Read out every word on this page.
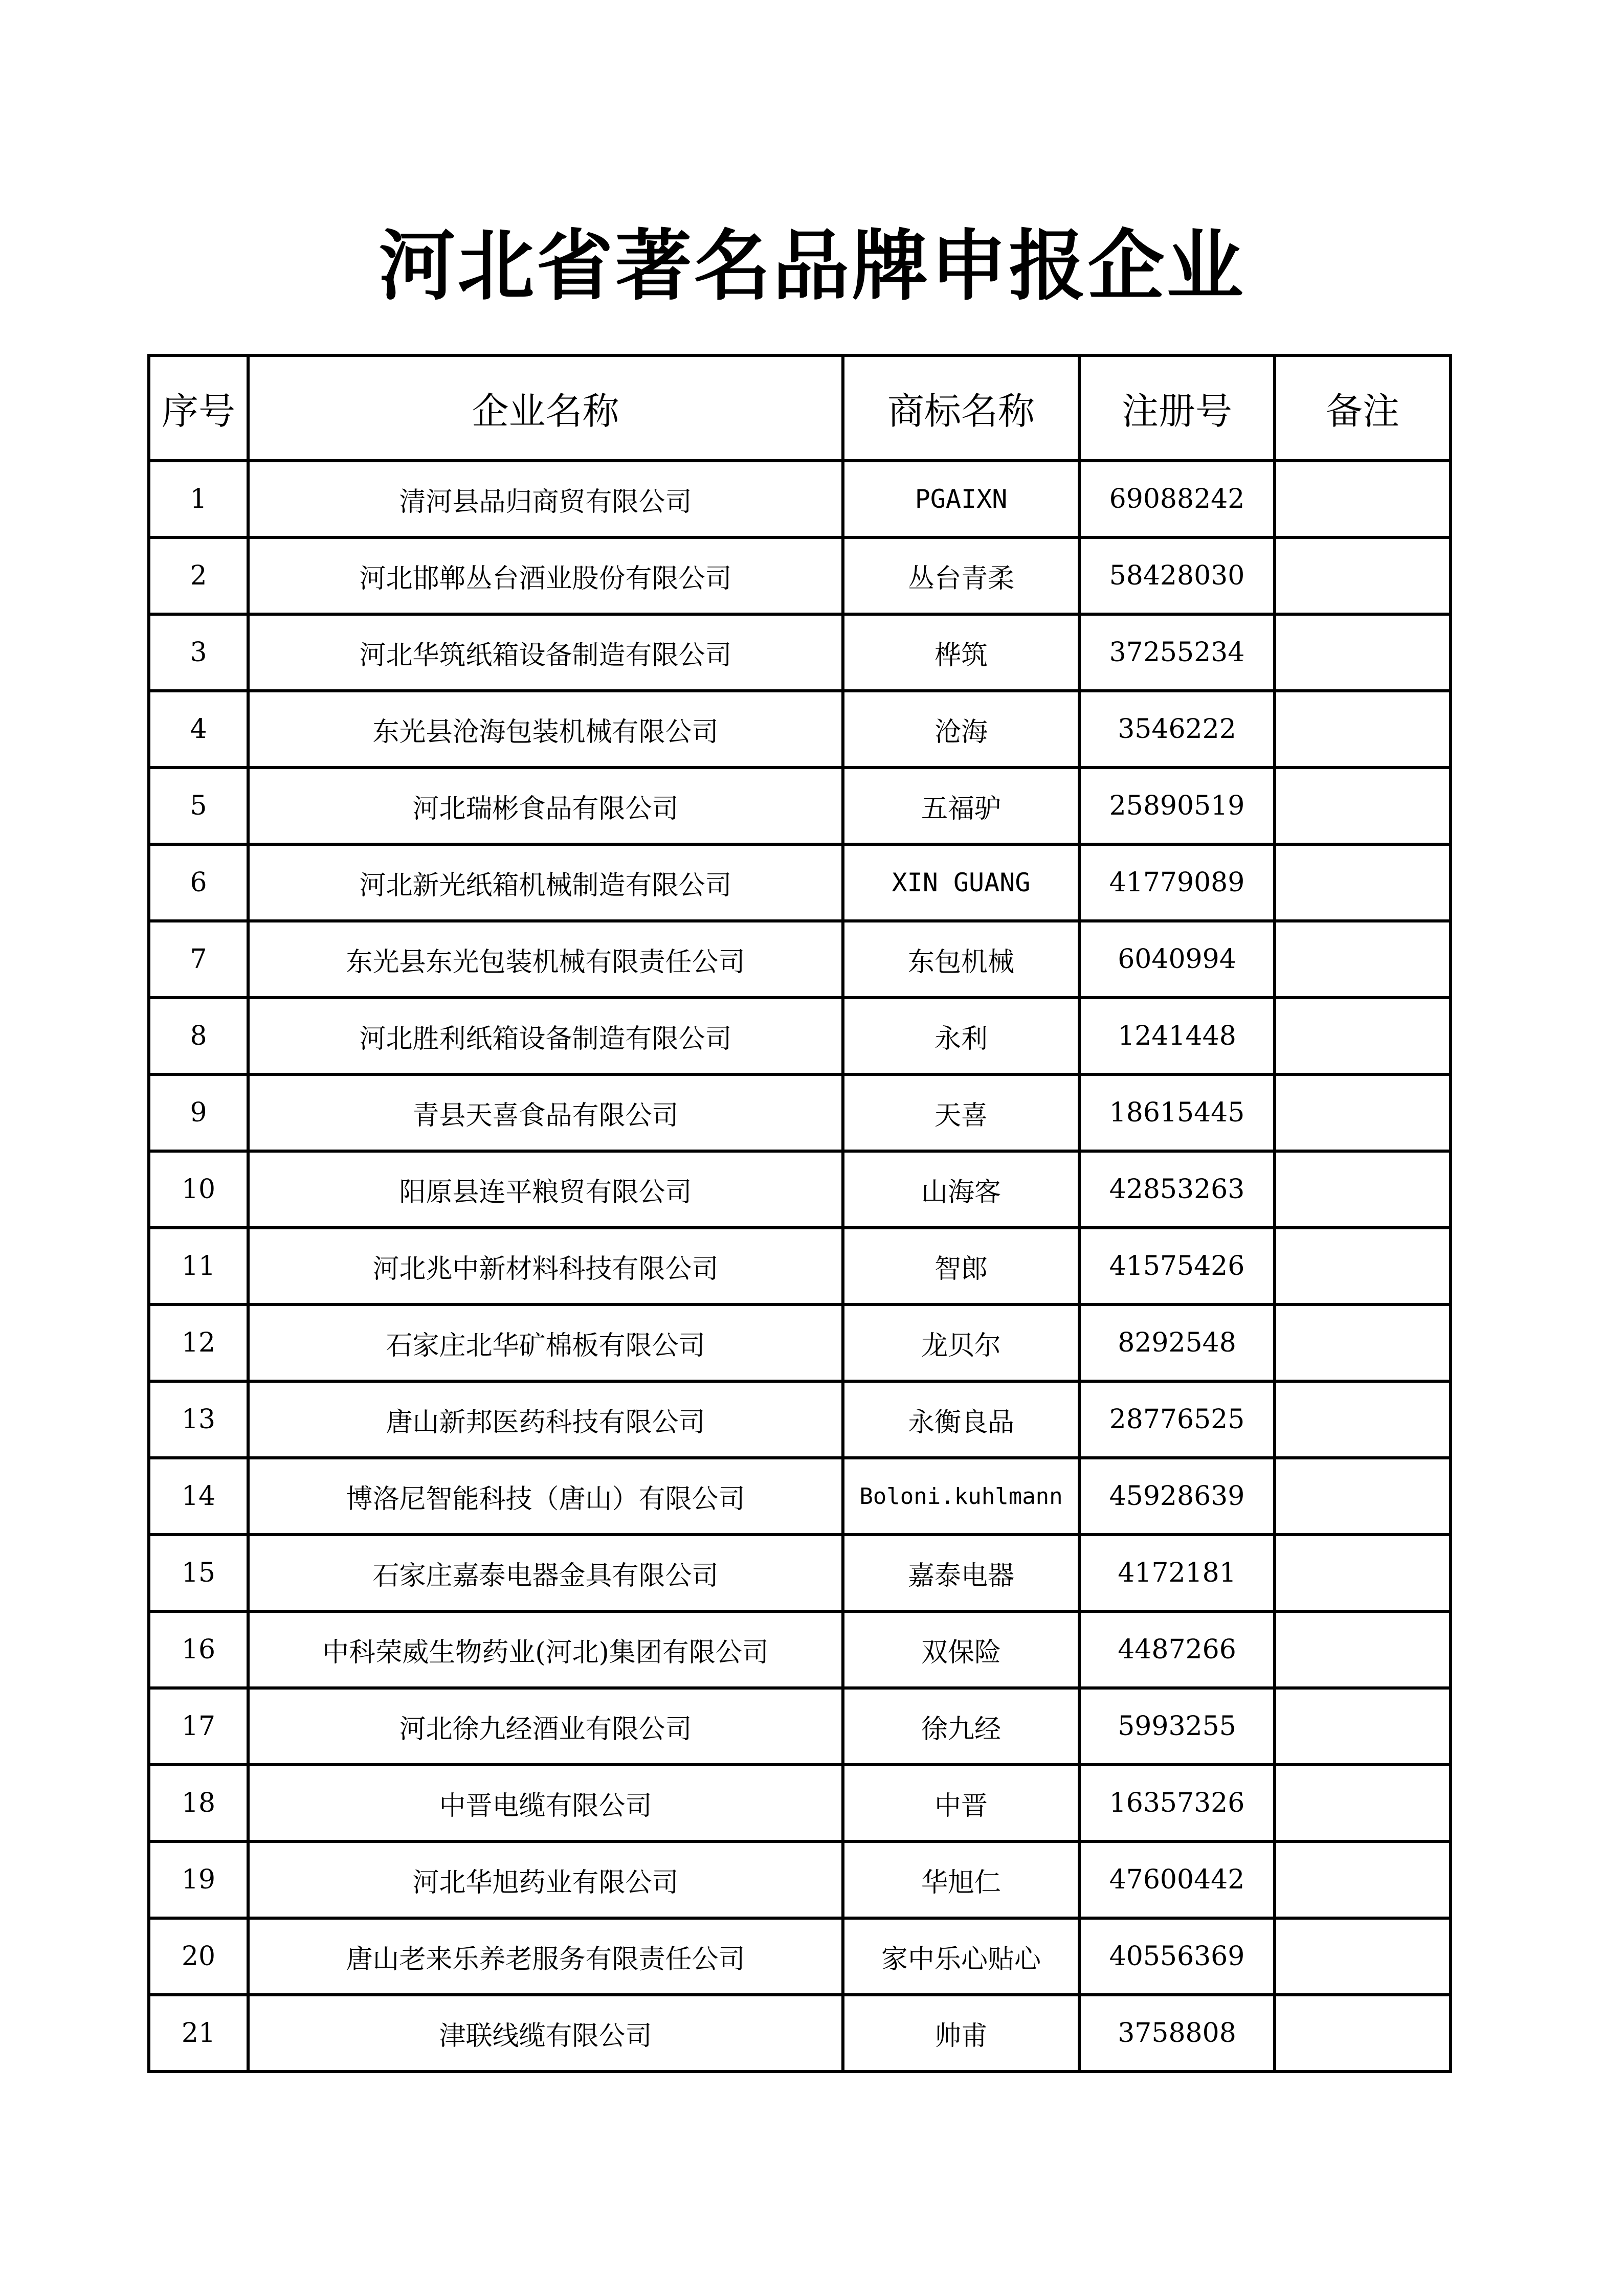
河北省著名品牌申报企业
序号	企业名称	商标名称	注册号	备注
1	清河县品归商贸有限公司	PGAIXN	69088242	
2	河北邯郸丛台酒业股份有限公司	丛台青柔	58428030	
3	河北华筑纸箱设备制造有限公司	桦筑	37255234	
4	东光县沧海包装机械有限公司	沧海	3546222	
5	河北瑞彬食品有限公司	五福驴	25890519	
6	河北新光纸箱机械制造有限公司	XIN GUANG	41779089	
7	东光县东光包装机械有限责任公司	东包机械	6040994	
8	河北胜利纸箱设备制造有限公司	永利	1241448	
9	青县天喜食品有限公司	天喜	18615445	
10	阳原县连平粮贸有限公司	山海客	42853263	
11	河北兆中新材料科技有限公司	智郎	41575426	
12	石家庄北华矿棉板有限公司	龙贝尔	8292548	
13	唐山新邦医药科技有限公司	永衡良品	28776525	
14	博洛尼智能科技（唐山）有限公司	Boloni.kuhlmann	45928639	
15	石家庄嘉泰电器金具有限公司	嘉泰电器	4172181	
16	中科荣威生物药业(河北)集团有限公司	双保险	4487266	
17	河北徐九经酒业有限公司	徐九经	5993255	
18	中晋电缆有限公司	中晋	16357326	
19	河北华旭药业有限公司	华旭仁	47600442	
20	唐山老来乐养老服务有限责任公司	家中乐心贴心	40556369	
21	津联线缆有限公司	帅甫	3758808	
